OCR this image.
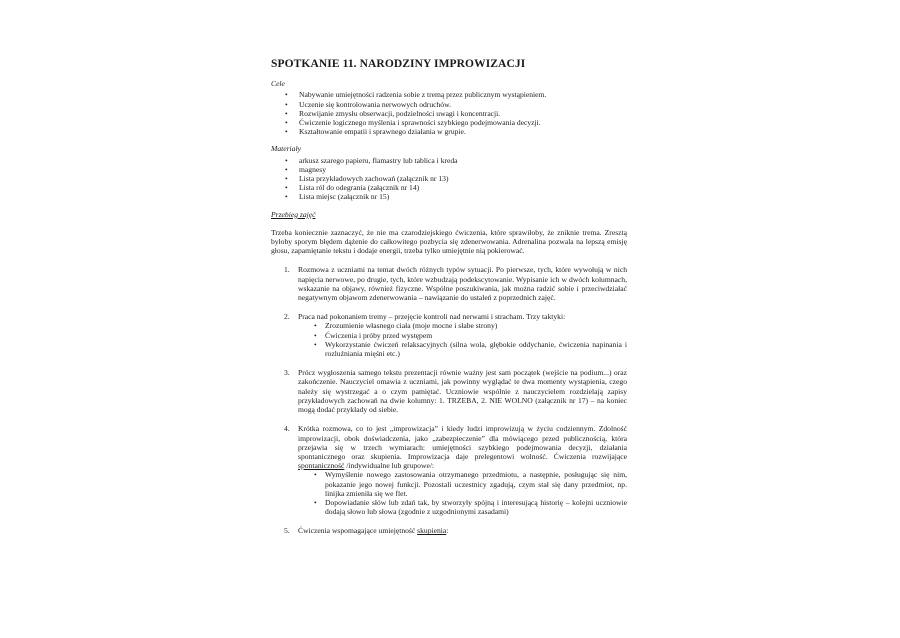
SPOTKANIE 11. NARODZINY IMPROWIZACJI
Cele
• Nabywanie umiejętności radzenia sobie z tremą przez publicznym wystąpieniem.
• Uczenie się kontrolowania nerwowych odruchów.
• Rozwijanie zmysłu obserwacji, podzielności uwagi i koncentracji.
• Ćwiczenie logicznego myślenia i sprawności szybkiego podejmowania decyzji.
• Kształtowanie empatii i sprawnego działania w grupie.
Materiały
• arkusz szarego papieru, flamastry lub tablica i kreda
• magnesy
• Lista przykładowych zachowań (załącznik nr 13)
• Lista ról do odegrania (załącznik nr 14)
• Lista miejsc (załącznik nr 15)
Przebieg zajęć

Trzeba koniecznie zaznaczyć, że nie ma czarodziejskiego ćwiczenia, które sprawiłoby, że zniknie trema. Zresztą byłoby sporym błędem dążenie do całkowitego pozbycia się zdenerwowania. Adrenalina pozwala na lepszą emisję głosu, zapamiętanie tekstu i dodaje energii, trzeba tylko umiejętnie nią pokierować.

1. Rozmowa z uczniami na temat dwóch różnych typów sytuacji. Po pierwsze, tych, które wywołują w nich napięcia nerwowe, po drugie, tych, które wzbudzają podekscytowanie. Wypisanie ich w dwóch kolumnach, wskazanie na objawy, również fizyczne. Wspólne poszukiwania, jak można radzić sobie i przeciwdziałać negatywnym objawom zdenerwowania – nawiązanie do ustaleń z poprzednich zajęć.
2. Praca nad pokonaniem tremy – przejęcie kontroli nad nerwami i stracham. Trzy taktyki:
• Zrozumienie własnego ciała (moje mocne i słabe strony)
• Ćwiczenia i próby przed występem
• Wykorzystanie ćwiczeń relaksacyjnych (silna wola, głębokie oddychanie, ćwiczenia napinania i rozluźniania mięśni etc.)
3. Prócz wygłoszenia samego tekstu prezentacji równie ważny jest sam początek (wejście na podium...) oraz zakończenie. Nauczyciel omawia z uczniami, jak powinny wyglądać te dwa momenty wystąpienia, czego należy się wystrzegać a o czym pamiętać. Uczniowie wspólnie z nauczycielem rozdzielają zapisy przykładowych zachowań na dwie kolumny: 1. TRZEBA, 2. NIE WOLNO (załącznik nr 17) – na koniec mogą dodać przykłady od siebie.
4. Krótka rozmowa, co to jest „improwizacja” i kiedy ludzi improwizują w życiu codziennym. Zdolność improwizacji, obok doświadczenia, jako „zabezpieczenie” dla mówiącego przed publicznością, która przejawia się w trzech wymiarach: umiejętności szybkiego podejmowania decyzji, działania spontanicznego oraz skupienia. Improwizacja daje prelegentowi wolność. Ćwiczenia rozwijające spontaniczność /indywidualne lub grupowe/:
• Wymyślenie nowego zastosowania otrzymanego przedmiotu, a następnie, posługując się nim, pokazanie jego nowej funkcji. Pozostali uczestnicy zgadują, czym stał się dany przedmiot, np. linijka zmieniła się we flet.
• Dopowiadanie słów lub zdań tak, by stworzyły spójną i interesującą historię – kolejni uczniowie dodają słowo lub słowa (zgodnie z uzgodnionymi zasadami)
5. Ćwiczenia wspomagające umiejętność skupienia:
